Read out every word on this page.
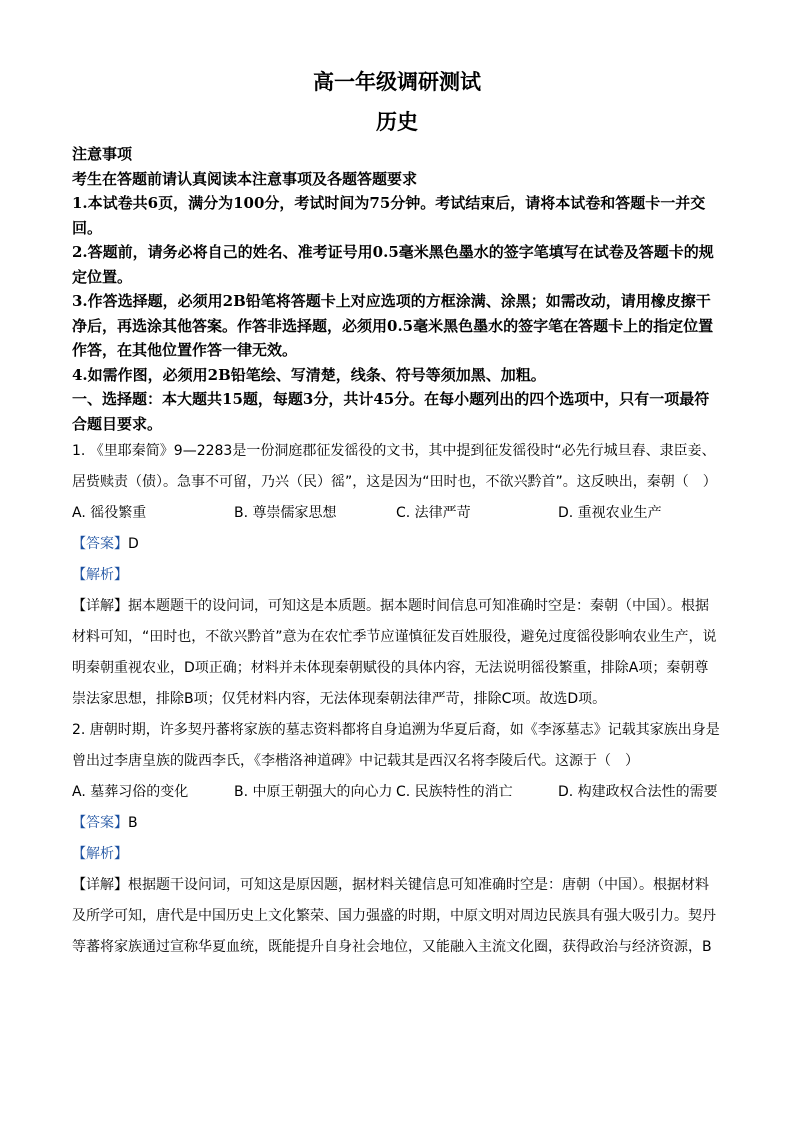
高一年级调研测试
历史
注意事项
考生在答题前请认真阅读本注意事项及各题答题要求
1.本试卷共6页，满分为100分，考试时间为75分钟。考试结束后，请将本试卷和答题卡一并交回。
2.答题前，请务必将自己的姓名、准考证号用0.5毫米黑色墨水的签字笔填写在试卷及答题卡的规定位置。
3.作答选择题，必须用2B铅笔将答题卡上对应选项的方框涂满、涂黑；如需改动，请用橡皮擦干净后，再选涂其他答案。作答非选择题，必须用0.5毫米黑色墨水的签字笔在答题卡上的指定位置作答，在其他位置作答一律无效。
4.如需作图，必须用2B铅笔绘、写清楚，线条、符号等须加黑、加粗。
一、选择题：本大题共15题，每题3分，共计45分。在每小题列出的四个选项中，只有一项最符合题目要求。
1. 《里耶秦简》9—2283是一份洞庭郡征发徭役的文书，其中提到征发徭役时“必先行城旦舂、隶臣妾、居赀赎责（债）。急事不可留，乃兴（民）徭”，这是因为“田时也，不欲兴黔首”。这反映出，秦朝（　）
A. 徭役繁重	B. 尊崇儒家思想	C. 法律严苛	D. 重视农业生产
【答案】D
【解析】
【详解】据本题题干的设问词，可知这是本质题。据本题时间信息可知准确时空是：秦朝（中国）。根据材料可知，“田时也，不欲兴黔首”意为在农忙季节应谨慎征发百姓服役，避免过度徭役影响农业生产，说明秦朝重视农业，D项正确；材料并未体现秦朝赋役的具体内容，无法说明徭役繁重，排除A项；秦朝尊崇法家思想，排除B项；仅凭材料内容，无法体现秦朝法律严苛，排除C项。故选D项。
2. 唐朝时期，许多契丹蕃将家族的墓志资料都将自身追溯为华夏后裔，如《李涿墓志》记载其家族出身是曾出过李唐皇族的陇西李氏，《李楷洛神道碑》中记载其是西汉名将李陵后代。这源于（　）
A. 墓葬习俗的变化	B. 中原王朝强大的向心力 C. 民族特性的消亡	D. 构建政权合法性的需要
【答案】B
【解析】
【详解】根据题干设问词，可知这是原因题，据材料关键信息可知准确时空是：唐朝（中国）。根据材料及所学可知，唐代是中国历史上文化繁荣、国力强盛的时期，中原文明对周边民族具有强大吸引力。契丹等蕃将家族通过宣称华夏血统，既能提升自身社会地位，又能融入主流文化圈，获得政治与经济资源，B
